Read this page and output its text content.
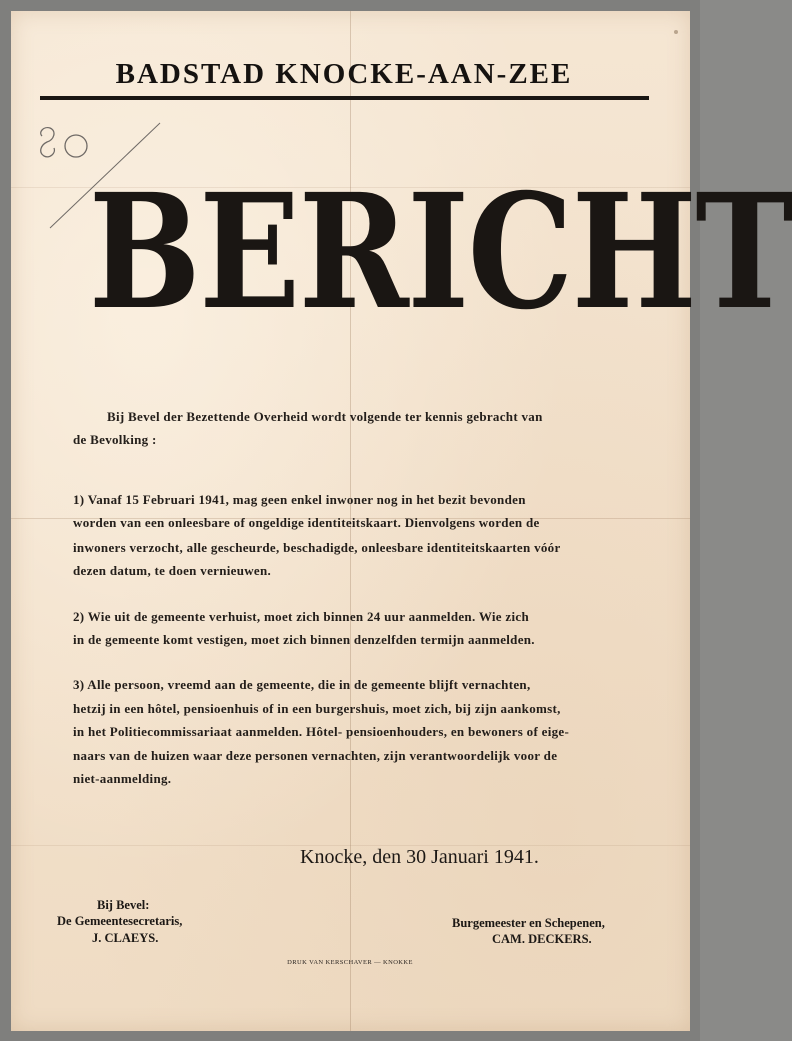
BADSTAD KNOCKE-AAN-ZEE
BERICHT
Bij Bevel der Bezettende Overheid wordt volgende ter kennis gebracht van
de Bevolking :
1) Vanaf 15 Februari 1941, mag geen enkel inwoner nog in het bezit bevonden
worden van een onleesbare of ongeldige identiteitskaart. Dienvolgens worden de
inwoners verzocht, alle gescheurde, beschadigde, onleesbare identiteitskaarten vóór
dezen datum, te doen vernieuwen.
2) Wie uit de gemeente verhuist, moet zich binnen 24 uur aanmelden. Wie zich
in de gemeente komt vestigen, moet zich binnen denzelfden termijn aanmelden.
3) Alle persoon, vreemd aan de gemeente, die in de gemeente blijft vernachten,
hetzij in een hôtel, pensioenhuis of in een burgershuis, moet zich, bij zijn aankomst,
in het Politiecommissariaat aanmelden. Hôtel- pensioenhouders, en bewoners of eige-
naars van de huizen waar deze personen vernachten, zijn verantwoordelijk voor de
niet-aanmelding.
Knocke, den 30 Januari 1941.
Bij Bevel:
De Gemeentesecretaris,
J. CLAEYS.
Burgemeester en Schepenen,
CAM. DECKERS.
DRUK VAN KERSCHAVER — KNOKKE
